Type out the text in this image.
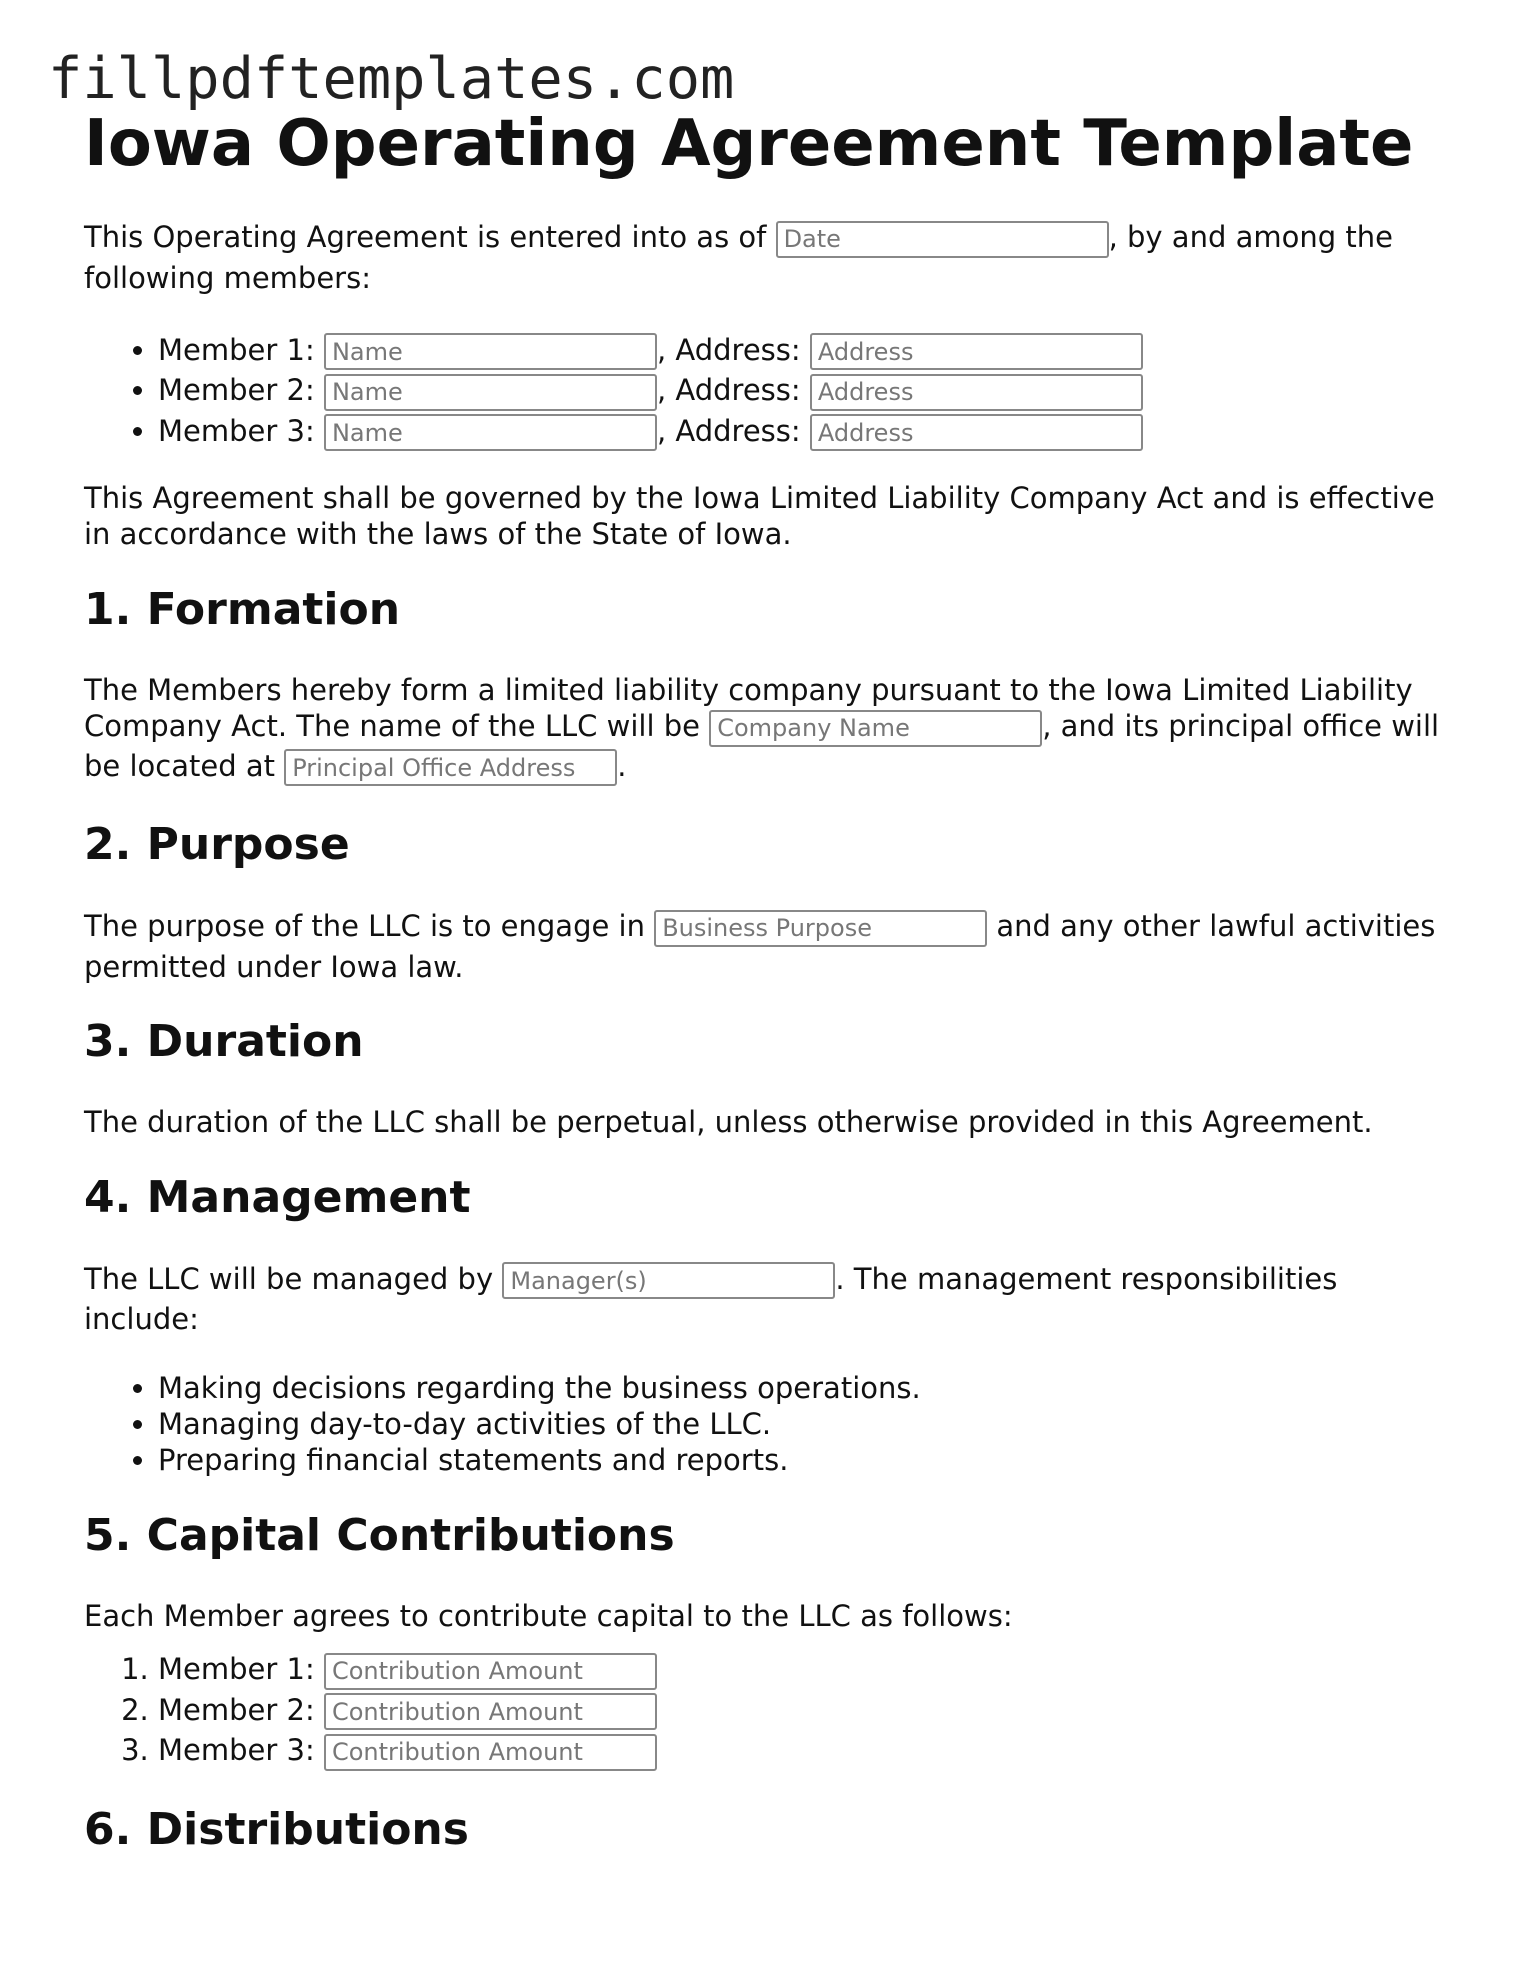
fillpdftemplates.com
Iowa Operating Agreement Template

This Operating Agreement is entered into as of Date	, by and among the following members:

• Member 1: Name	, Address: Address
• Member 2: Name	, Address: Address
• Member 3: Name	, Address: Address

This Agreement shall be governed by the Iowa Limited Liability Company Act and is effective in accordance with the laws of the State of Iowa.

1. Formation

The Members hereby form a limited liability company pursuant to the Iowa Limited Liability Company Act. The name of the LLC will be Company Name	, and its principal office will be located at Principal Office Address	.

2. Purpose

The purpose of the LLC is to engage in Business Purpose	and any other lawful activities permitted under Iowa law.

3. Duration

The duration of the LLC shall be perpetual, unless otherwise provided in this Agreement.

4. Management

The LLC will be managed by Manager(s)	. The management responsibilities include:

• Making decisions regarding the business operations.
• Managing day-to-day activities of the LLC.
• Preparing financial statements and reports.
5. Capital Contributions

Each Member agrees to contribute capital to the LLC as follows:

1. Member 1: Contribution Amount
2. Member 2: Contribution Amount
3. Member 3: Contribution Amount
6. Distributions
